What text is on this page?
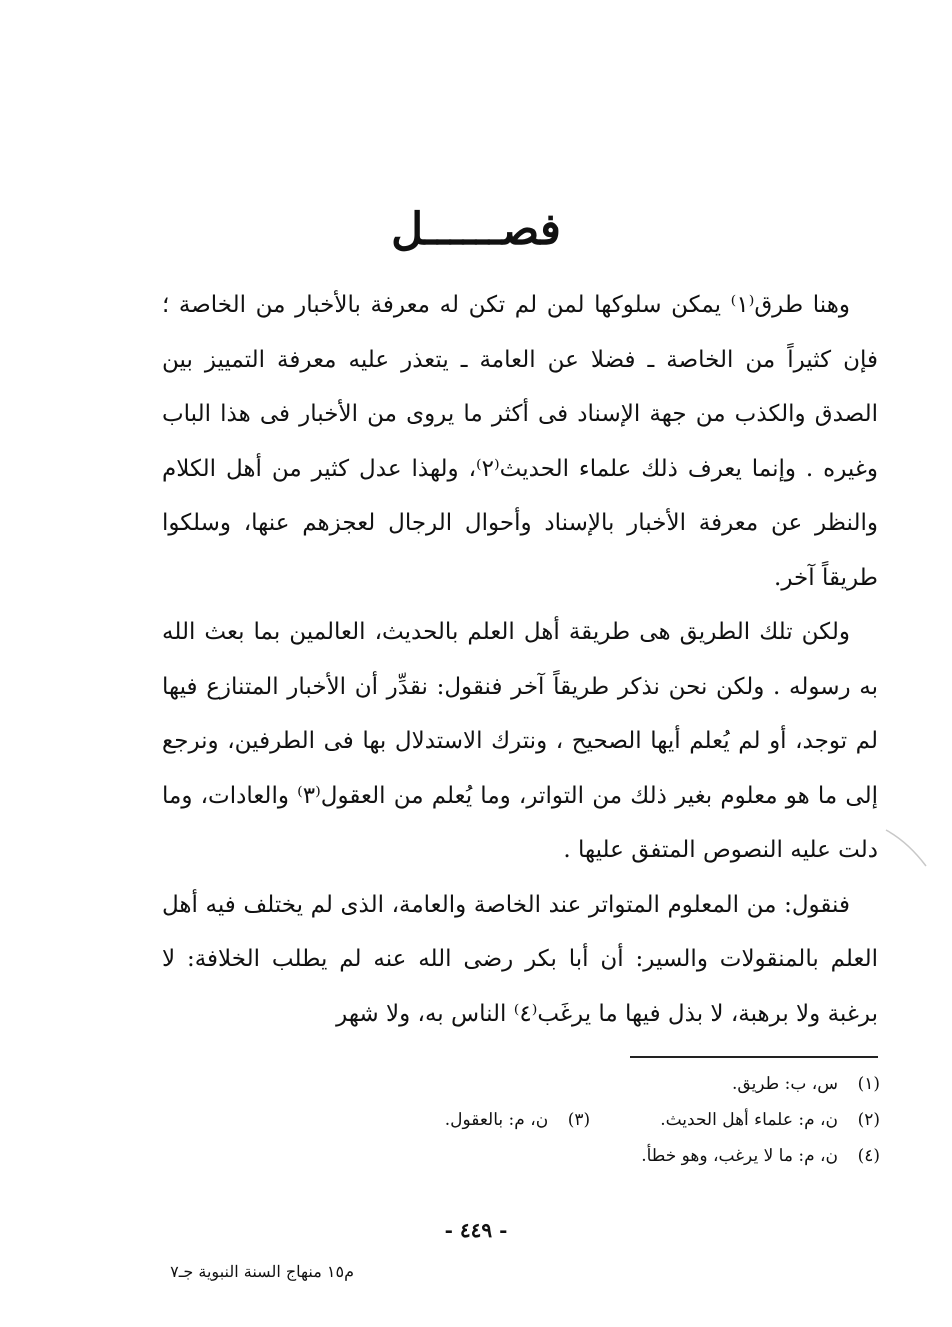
فصــــــل

وهنا طرق⁽١⁾ يمكن سلوكها لمن لم تكن له معرفة بالأخبار من الخاصة ؛ فإن كثيراً من الخاصة ـ فضلا عن العامة ـ يتعذر عليه معرفة التمييز بين الصدق والكذب من جهة الإسناد فى أكثر ما يروى من الأخبار فى هذا الباب وغيره . وإنما يعرف ذلك علماء الحديث⁽٢⁾، ولهذا عدل كثير من أهل الكلام والنظر عن معرفة الأخبار بالإسناد وأحوال الرجال لعجزهم عنها، وسلكوا طريقاً آخر.

ولكن تلك الطريق هى طريقة أهل العلم بالحديث، العالمين بما بعث الله به رسوله . ولكن نحن نذكر طريقاً آخر فنقول: نقدِّر أن الأخبار المتنازع فيها لم توجد، أو لم يُعلم أيها الصحيح ، ونترك الاستدلال بها فى الطرفين، ونرجع إلى ما هو معلوم بغير ذلك من التواتر، وما يُعلم من العقول⁽٣⁾ والعادات، وما دلت عليه النصوص المتفق عليها .

فنقول: من المعلوم المتواتر عند الخاصة والعامة، الذى لم يختلف فيه أهل العلم بالمنقولات والسير: أن أبا بكر رضى الله عنه لم يطلب الخلافة: لا برغبة ولا برهبة، لا بذل فيها ما يرغَب⁽٤⁾ الناس به، ولا شهر

(١)
س، ب: طريق.
(٢)
ن، م: علماء أهل الحديث.
(٣)
ن، م: بالعقول.
(٤)
ن، م: ما لا يرغب، وهو خطأ.
- ٤٤٩ -
م١٥ منهاج السنة النبوية جـ٧
